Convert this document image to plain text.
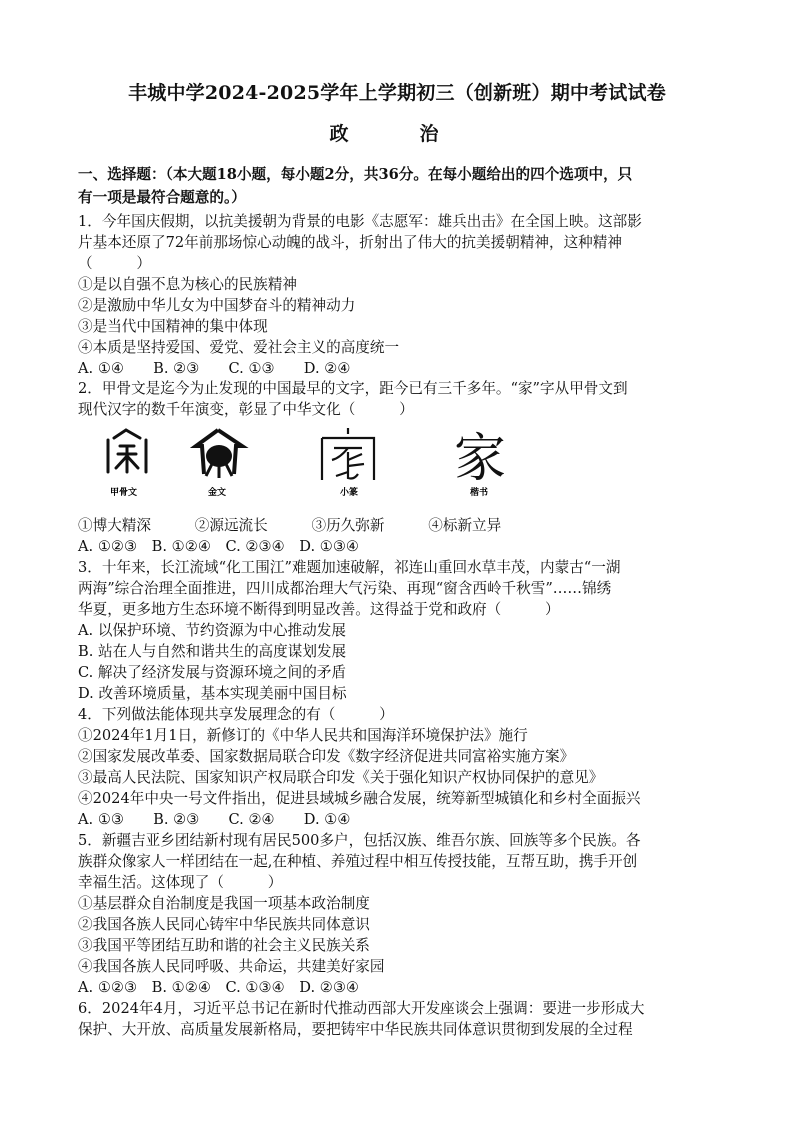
丰城中学2024-2025学年上学期初三（创新班）期中考试试卷
政　治
一、选择题：（本大题18小题，每小题2分，共36分。在每小题给出的四个选项中，只
有一项是最符合题意的。）
1．今年国庆假期，以抗美援朝为背景的电影《志愿军：雄兵出击》在全国上映。这部影
片基本还原了72年前那场惊心动魄的战斗，折射出了伟大的抗美援朝精神，这种精神
（　　　）
①是以自强不息为核心的民族精神
②是激励中华儿女为中国梦奋斗的精神动力
③是当代中国精神的集中体现
④本质是坚持爱国、爱党、爱社会主义的高度统一
A. ①④　　B. ②③　　C. ①③　　D. ②④
2．甲骨文是迄今为止发现的中国最早的文字，距今已有三千多年。“家”字从甲骨文到
现代汉字的数千年演变，彰显了中华文化（　　　）
甲骨文	金文	小篆
家
楷书
①博大精深　　　②源远流长　　　③历久弥新　　　④标新立异
A. ①②③　B. ①②④　C. ②③④　D. ①③④
3．十年来，长江流域“化工围江”难题加速破解，祁连山重回水草丰茂，内蒙古“一湖
两海”综合治理全面推进，四川成都治理大气污染、再现“窗含西岭千秋雪”……锦绣
华夏，更多地方生态环境不断得到明显改善。这得益于党和政府（　　　）
A. 以保护环境、节约资源为中心推动发展
B. 站在人与自然和谐共生的高度谋划发展
C. 解决了经济发展与资源环境之间的矛盾
D. 改善环境质量，基本实现美丽中国目标
4．下列做法能体现共享发展理念的有（　　　）
①2024年1月1日，新修订的《中华人民共和国海洋环境保护法》施行
②国家发展改革委、国家数据局联合印发《数字经济促进共同富裕实施方案》
③最高人民法院、国家知识产权局联合印发《关于强化知识产权协同保护的意见》
④2024年中央一号文件指出，促进县域城乡融合发展，统筹新型城镇化和乡村全面振兴
A. ①③　　B. ②③　　C. ②④　　D. ①④
5．新疆吉亚乡团结新村现有居民500多户，包括汉族、维吾尔族、回族等多个民族。各
族群众像家人一样团结在一起,在种植、养殖过程中相互传授技能，互帮互助，携手开创
幸福生活。这体现了（　　　）
①基层群众自治制度是我国一项基本政治制度
②我国各族人民同心铸牢中华民族共同体意识
③我国平等团结互助和谐的社会主义民族关系
④我国各族人民同呼吸、共命运，共建美好家园
A. ①②③　B. ①②④　C. ①③④　D. ②③④
6．2024年4月，习近平总书记在新时代推动西部大开发座谈会上强调：要进一步形成大
保护、大开放、高质量发展新格局，要把铸牢中华民族共同体意识贯彻到发展的全过程
